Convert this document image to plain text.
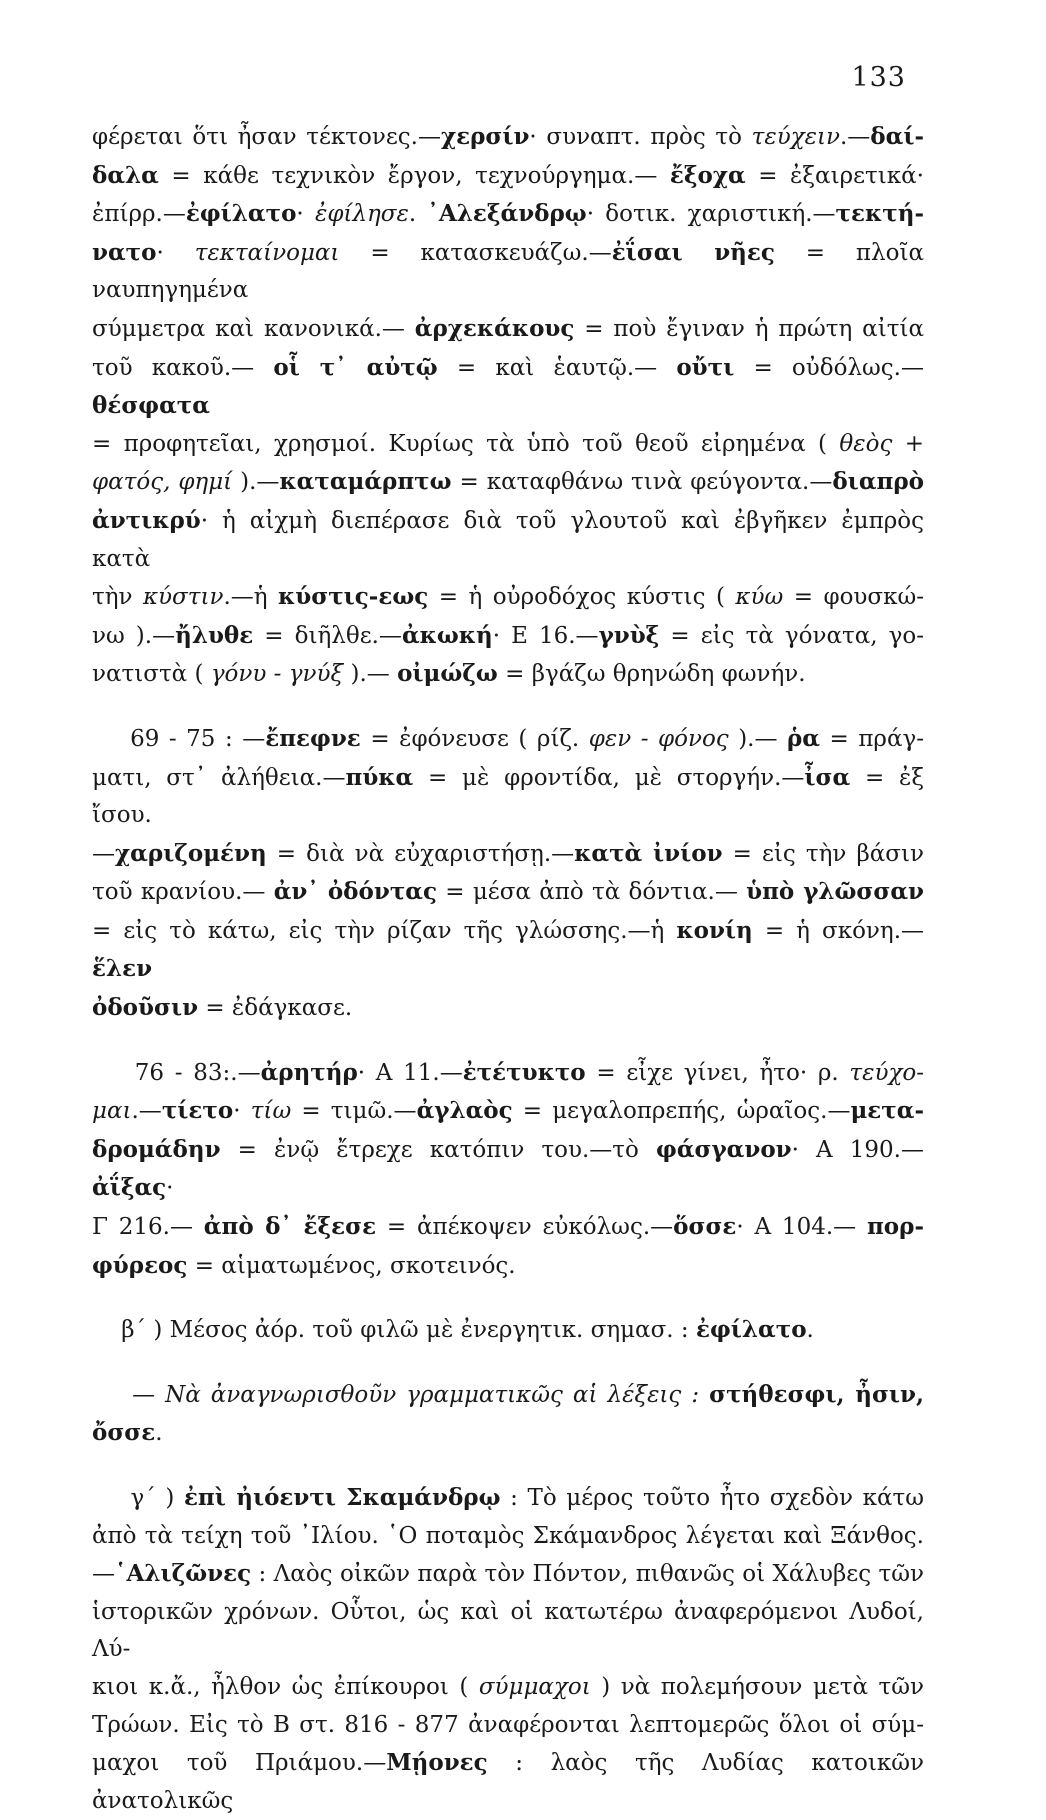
133
φέρεται ὅτι ἦσαν τέκτονες.—χερσίν· συναπτ. πρὸς τὸ τεύχειν.—δαί-
δαλα = κάθε τεχνικὸν ἔργον, τεχνούργημα.— ἔξοχα = ἐξαιρετικά·
ἐπίρρ.—ἐφίλατο· ἐφίλησε. ᾿Αλεξάνδρῳ· δοτικ. χαριστική.—τεκτή-
νατο· τεκταίνομαι = κατασκευάζω.—ἐΐσαι νῆες = πλοῖα ναυπηγημένα
σύμμετρα καὶ κανονικά.— ἀρχεκάκους = ποὺ ἔγιναν ἡ πρώτη αἰτία
τοῦ κακοῦ.— οἷ τ᾿ αὐτῷ = καὶ ἑαυτῷ.— οὔτι = οὐδόλως.— θέσφατα
= προφητεῖαι, χρησμοί. Κυρίως τὰ ὑπὸ τοῦ θεοῦ εἰρημένα ( θεὸς +
φατός, φημί ).—καταμάρπτω = καταφθάνω τινὰ φεύγοντα.—διαπρὸ
ἀντικρύ· ἡ αἰχμὴ διεπέρασε διὰ τοῦ γλουτοῦ καὶ ἐβγῆκεν ἐμπρὸς κατὰ
τὴν κύστιν.—ἡ κύστις-εως = ἡ οὐροδόχος κύστις ( κύω = φουσκώ-
νω ).—ἤλυθε = διῆλθε.—ἀκωκή· Ε 16.—γνὺξ = εἰς τὰ γόνατα, γο-
νατιστὰ ( γόνυ - γνύξ ).— οἰμώζω = βγάζω θρηνώδη φωνήν.
69 - 75 : —ἔπεφνε = ἐφόνευσε ( ρίζ. φεν - φόνος ).— ῥα = πράγ-
ματι, στ᾿ ἀλήθεια.—πύκα = μὲ φροντίδα, μὲ στοργήν.—ἶσα = ἐξ ἴσου.
—χαριζομένη = διὰ νὰ εὐχαριστήσῃ.—κατὰ ἰνίον = εἰς τὴν βάσιν
τοῦ κρανίου.— ἀν᾿ ὀδόντας = μέσα ἀπὸ τὰ δόντια.— ὑπὸ γλῶσσαν
= εἰς τὸ κάτω, εἰς τὴν ρίζαν τῆς γλώσσης.—ἡ κονίη = ἡ σκόνη.—ἕλεν
ὀδοῦσιν = ἐδάγκασε.
76 - 83:.—ἀρητήρ· Α 11.—ἐτέτυκτο = εἶχε γίνει, ἦτο· ρ. τεύχο-
μαι.—τίετο· τίω = τιμῶ.—ἀγλαὸς = μεγαλοπρεπής, ὡραῖος.—μετα-
δρομάδην = ἐνῷ ἔτρεχε κατόπιν του.—τὸ φάσγανον· Α 190.—ἀΐξας·
Γ 216.— ἀπὸ δ᾿ ἔξεσε = ἀπέκοψεν εὐκόλως.—ὅσσε· Α 104.— πορ-
φύρεος = αἱματωμένος, σκοτεινός.
β´ ) Μέσος ἀόρ. τοῦ φιλῶ μὲ ἐνεργητικ. σημασ. : ἐφίλατο.
— Νὰ ἀναγνωρισθοῦν γραμματικῶς αἱ λέξεις : στήθεσφι, ἦσιν,
ὄσσε.
γ´ ) ἐπὶ ἠιόεντι Σκαμάνδρῳ : Τὸ μέρος τοῦτο ἦτο σχεδὸν κάτω
ἀπὸ τὰ τείχη τοῦ ᾿Ιλίου. ῾Ο ποταμὸς Σκάμανδρος λέγεται καὶ Ξάνθος.
—῾Αλιζῶνες : Λαὸς οἰκῶν παρὰ τὸν Πόντον, πιθανῶς οἱ Χάλυβες τῶν
ἱστορικῶν χρόνων. Οὗτοι, ὡς καὶ οἱ κατωτέρω ἀναφερόμενοι Λυδοί, Λύ-
κιοι κ.ἄ., ἦλθον ὡς ἐπίκουροι ( σύμμαχοι ) νὰ πολεμήσουν μετὰ τῶν
Τρώων. Εἰς τὸ Β στ. 816 - 877 ἀναφέρονται λεπτομερῶς ὅλοι οἱ σύμ-
μαχοι τοῦ Πριάμου.—Μῄονες : λαὸς τῆς Λυδίας κατοικῶν ἀνατολικῶς
